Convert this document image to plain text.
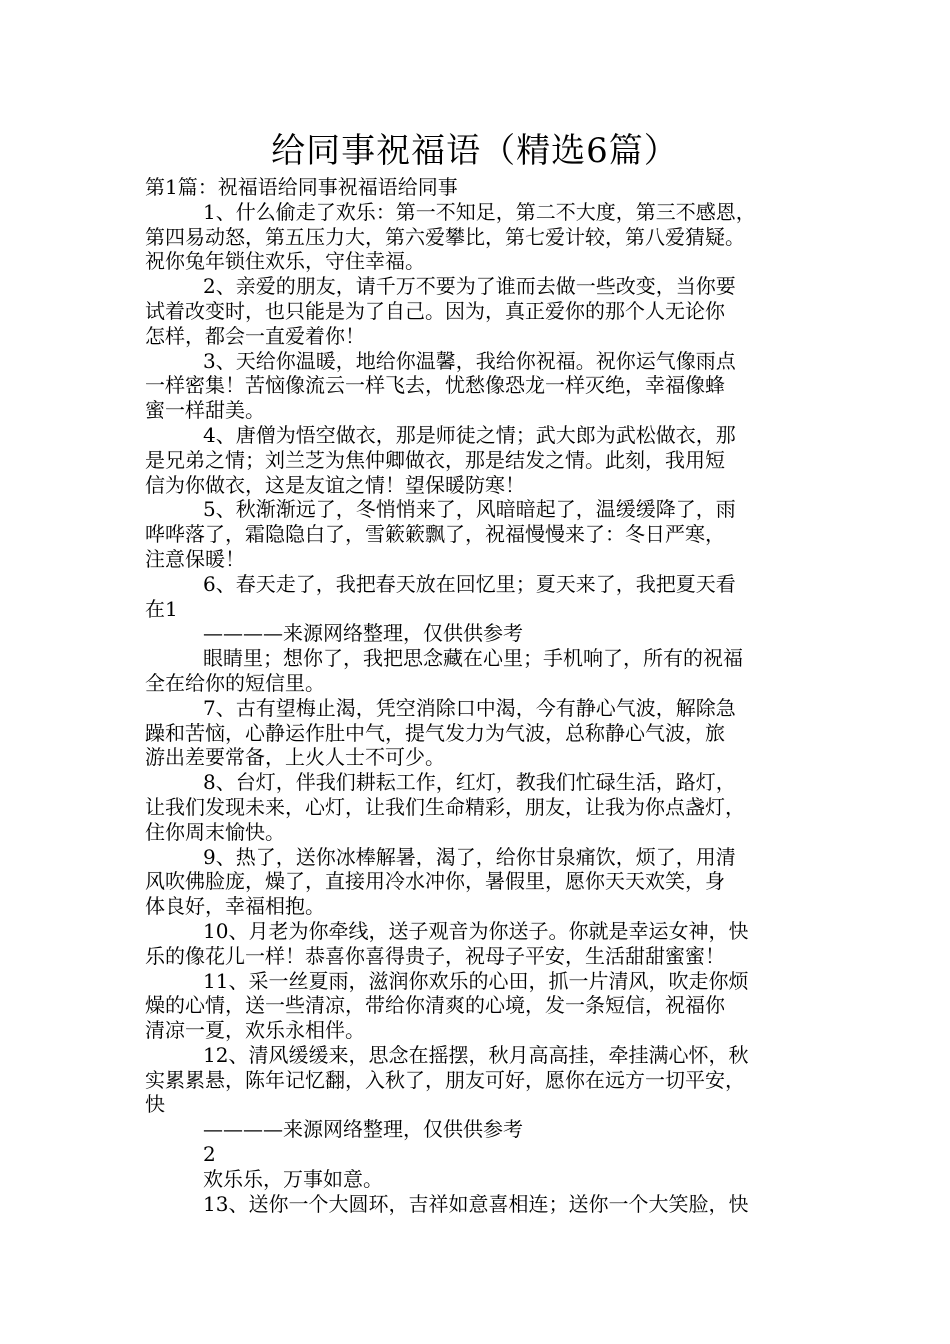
给同事祝福语（精选6篇）
第1篇：祝福语给同事祝福语给同事
1、什么偷走了欢乐：第一不知足，第二不大度，第三不感恩，
第四易动怒，第五压力大，第六爱攀比，第七爱计较，第八爱猜疑。
祝你兔年锁住欢乐，守住幸福。
2、亲爱的朋友，请千万不要为了谁而去做一些改变，当你要
试着改变时，也只能是为了自己。因为，真正爱你的那个人无论你
怎样，都会一直爱着你！
3、天给你温暖，地给你温馨，我给你祝福。祝你运气像雨点
一样密集！苦恼像流云一样飞去，忧愁像恐龙一样灭绝，幸福像蜂
蜜一样甜美。
4、唐僧为悟空做衣，那是师徒之情；武大郎为武松做衣，那
是兄弟之情；刘兰芝为焦仲卿做衣，那是结发之情。此刻，我用短
信为你做衣，这是友谊之情！望保暖防寒！
5、秋渐渐远了，冬悄悄来了，风暗暗起了，温缓缓降了，雨
哗哗落了，霜隐隐白了，雪簌簌飘了，祝福慢慢来了：冬日严寒，
注意保暖！
6、春天走了，我把春天放在回忆里；夏天来了，我把夏天看
在1
————来源网络整理，仅供供参考
眼睛里；想你了，我把思念藏在心里；手机响了，所有的祝福
全在给你的短信里。
7、古有望梅止渴，凭空消除口中渴，今有静心气波，解除急
躁和苦恼，心静运作肚中气，提气发力为气波，总称静心气波，旅
游出差要常备，上火人士不可少。
8、台灯，伴我们耕耘工作，红灯，教我们忙碌生活，路灯，
让我们发现未来，心灯，让我们生命精彩，朋友，让我为你点盏灯，
住你周末愉快。
9、热了，送你冰棒解暑，渴了，给你甘泉痛饮，烦了，用清
风吹佛脸庞，燥了，直接用冷水冲你，暑假里，愿你天天欢笑，身
体良好，幸福相抱。
10、月老为你牵线，送子观音为你送子。你就是幸运女神，快
乐的像花儿一样！恭喜你喜得贵子，祝母子平安，生活甜甜蜜蜜！
11、采一丝夏雨，滋润你欢乐的心田，抓一片清风，吹走你烦
燥的心情，送一些清凉，带给你清爽的心境，发一条短信，祝福你
清凉一夏，欢乐永相伴。
12、清风缓缓来，思念在摇摆，秋月高高挂，牵挂满心怀，秋
实累累悬，陈年记忆翻，入秋了，朋友可好，愿你在远方一切平安，
快
————来源网络整理，仅供供参考
2
欢乐乐，万事如意。
13、送你一个大圆环，吉祥如意喜相连；送你一个大笑脸，快
